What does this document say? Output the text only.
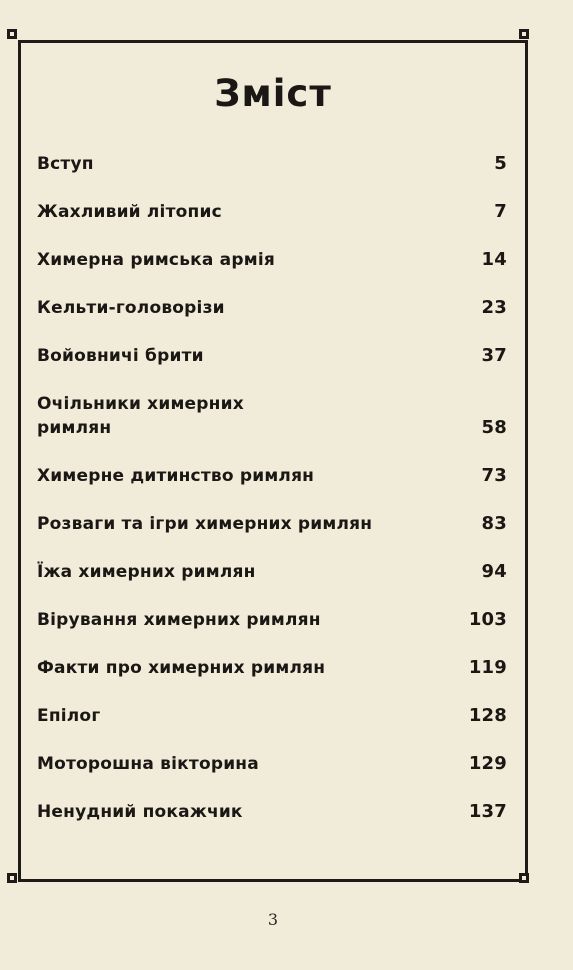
Зміст
Вступ	5
Жахливий літопис	7
Химерна римська армія	14
Кельти-головорізи	23
Войовничі брити	37
Очільники химерних римлян	58
Химерне дитинство римлян	73
Розваги та ігри химерних римлян	83
Їжа химерних римлян	94
Вірування химерних римлян	103
Факти про химерних римлян	119
Епілог	128
Моторошна вікторина	129
Ненудний покажчик	137
3
